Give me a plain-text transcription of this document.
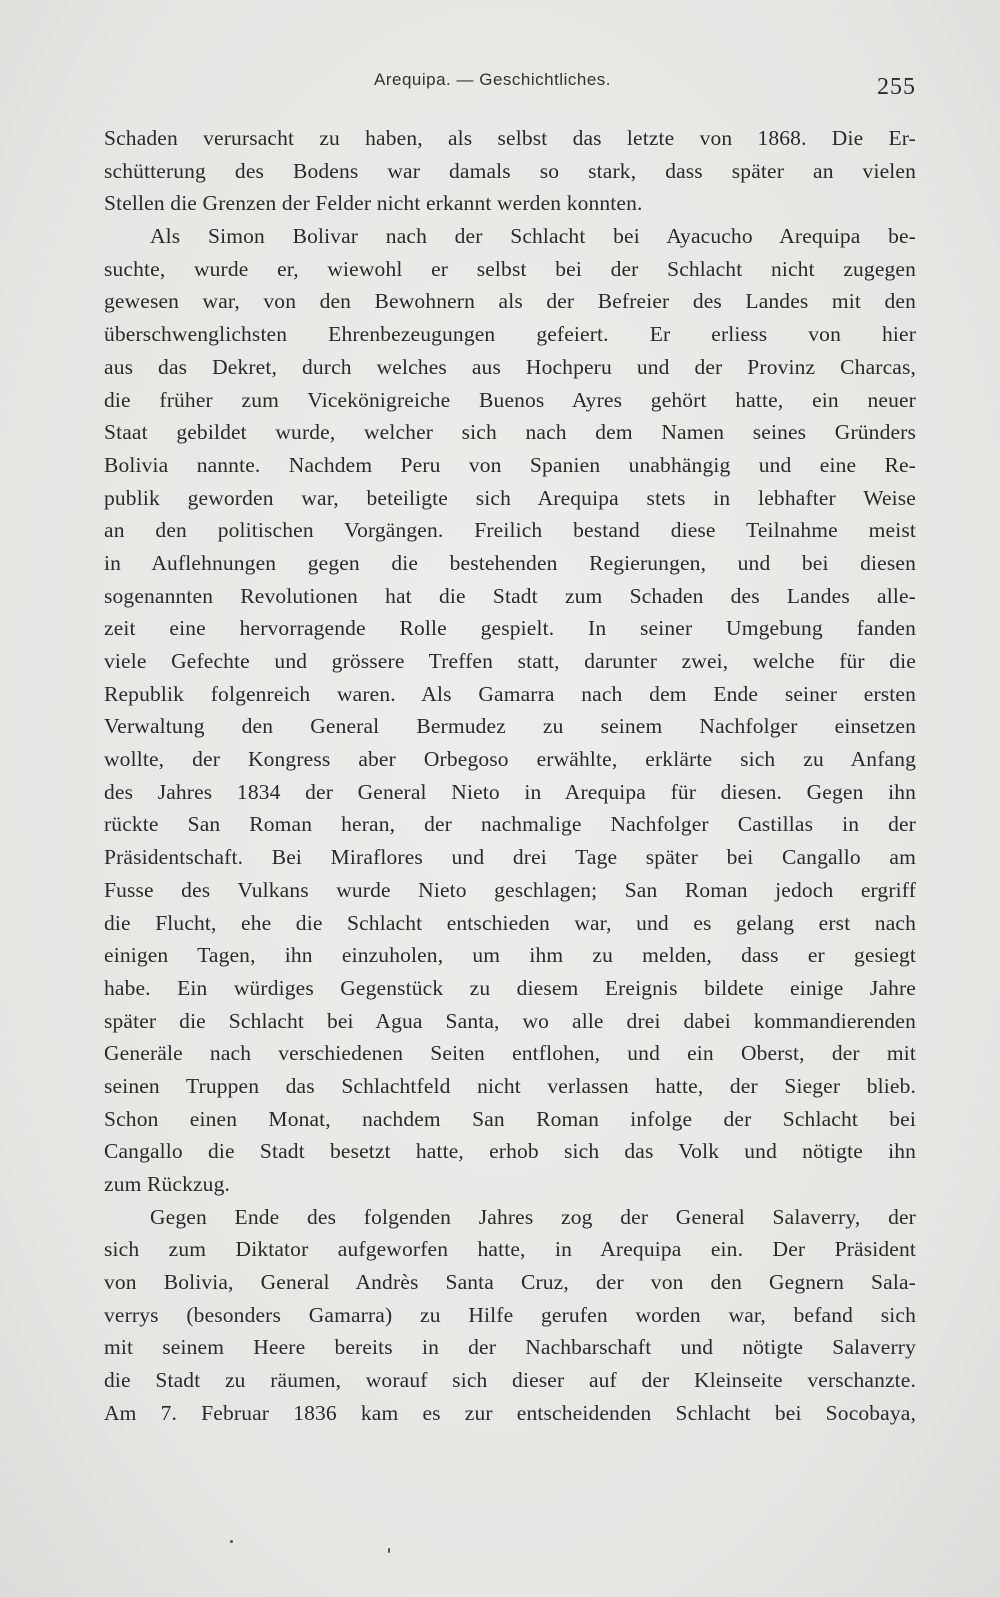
Arequipa. — Geschichtliches.	255
Schaden verursacht zu haben, als selbst das letzte von 1868. Die Er-
schütterung des Bodens war damals so stark, dass später an vielen
Stellen die Grenzen der Felder nicht erkannt werden konnten.
Als Simon Bolivar nach der Schlacht bei Ayacucho Arequipa be-
suchte, wurde er, wiewohl er selbst bei der Schlacht nicht zugegen
gewesen war, von den Bewohnern als der Befreier des Landes mit den
überschwenglichsten Ehrenbezeugungen gefeiert. Er erliess von hier
aus das Dekret, durch welches aus Hochperu und der Provinz Charcas,
die früher zum Vicekönigreiche Buenos Ayres gehört hatte, ein neuer
Staat gebildet wurde, welcher sich nach dem Namen seines Gründers
Bolivia nannte. Nachdem Peru von Spanien unabhängig und eine Re-
publik geworden war, beteiligte sich Arequipa stets in lebhafter Weise
an den politischen Vorgängen. Freilich bestand diese Teilnahme meist
in Auflehnungen gegen die bestehenden Regierungen, und bei diesen
sogenannten Revolutionen hat die Stadt zum Schaden des Landes alle-
zeit eine hervorragende Rolle gespielt. In seiner Umgebung fanden
viele Gefechte und grössere Treffen statt, darunter zwei, welche für die
Republik folgenreich waren. Als Gamarra nach dem Ende seiner ersten
Verwaltung den General Bermudez zu seinem Nachfolger einsetzen
wollte, der Kongress aber Orbegoso erwählte, erklärte sich zu Anfang
des Jahres 1834 der General Nieto in Arequipa für diesen. Gegen ihn
rückte San Roman heran, der nachmalige Nachfolger Castillas in der
Präsidentschaft. Bei Miraflores und drei Tage später bei Cangallo am
Fusse des Vulkans wurde Nieto geschlagen; San Roman jedoch ergriff
die Flucht, ehe die Schlacht entschieden war, und es gelang erst nach
einigen Tagen, ihn einzuholen, um ihm zu melden, dass er gesiegt
habe. Ein würdiges Gegenstück zu diesem Ereignis bildete einige Jahre
später die Schlacht bei Agua Santa, wo alle drei dabei kommandierenden
Generäle nach verschiedenen Seiten entflohen, und ein Oberst, der mit
seinen Truppen das Schlachtfeld nicht verlassen hatte, der Sieger blieb.
Schon einen Monat, nachdem San Roman infolge der Schlacht bei
Cangallo die Stadt besetzt hatte, erhob sich das Volk und nötigte ihn
zum Rückzug.
Gegen Ende des folgenden Jahres zog der General Salaverry, der
sich zum Diktator aufgeworfen hatte, in Arequipa ein. Der Präsident
von Bolivia, General Andrès Santa Cruz, der von den Gegnern Sala-
verrys (besonders Gamarra) zu Hilfe gerufen worden war, befand sich
mit seinem Heere bereits in der Nachbarschaft und nötigte Salaverry
die Stadt zu räumen, worauf sich dieser auf der Kleinseite verschanzte.
Am 7. Februar 1836 kam es zur entscheidenden Schlacht bei Socobaya,
